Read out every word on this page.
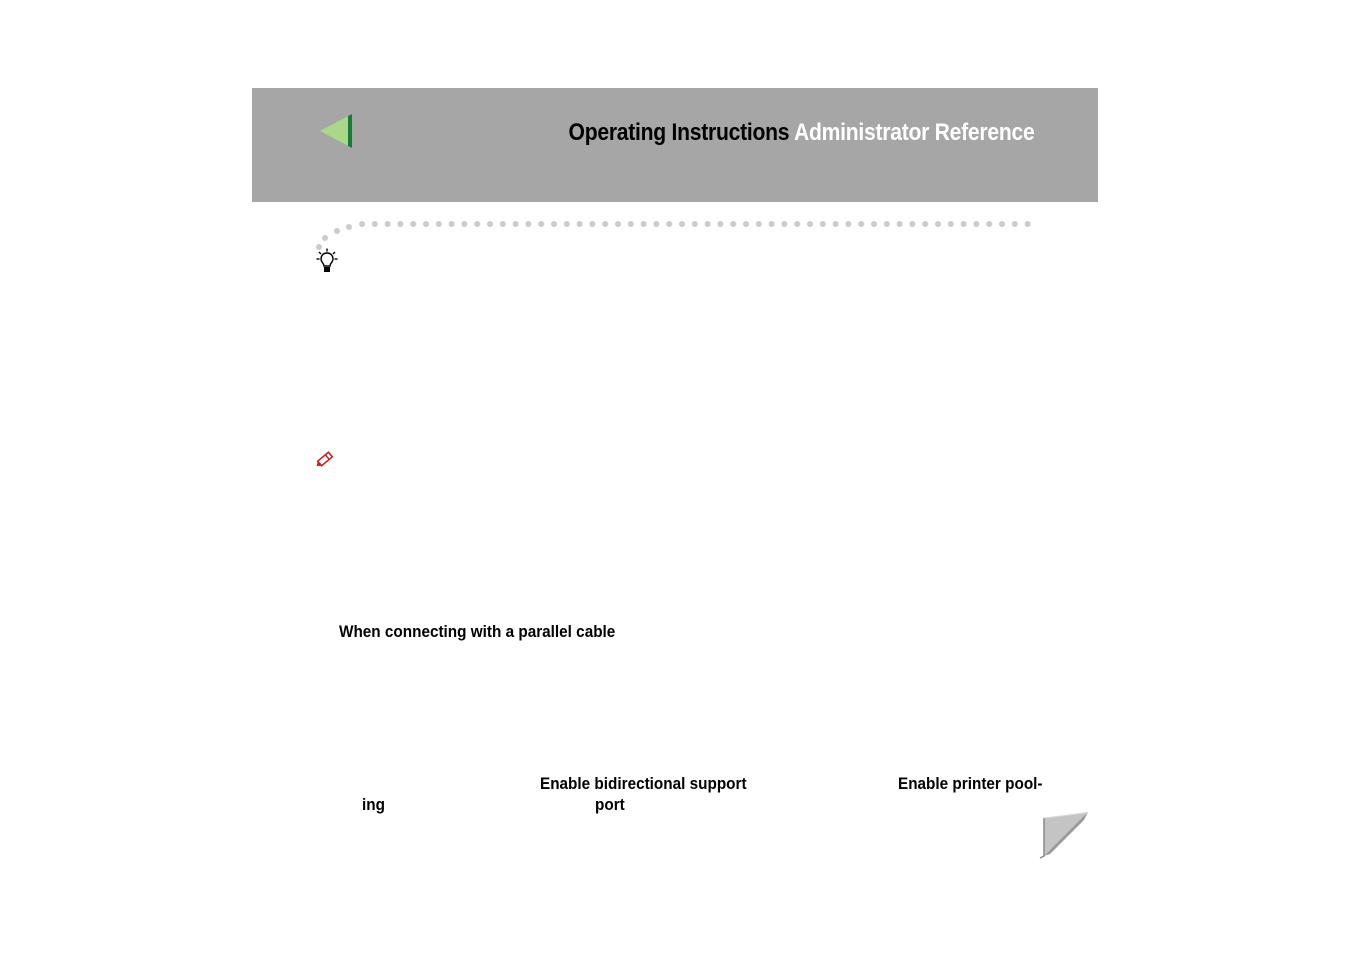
Operating Instructions Administrator Reference
When connecting with a parallel cable
Enable bidirectional support	Enable printer pool-
ing	port
